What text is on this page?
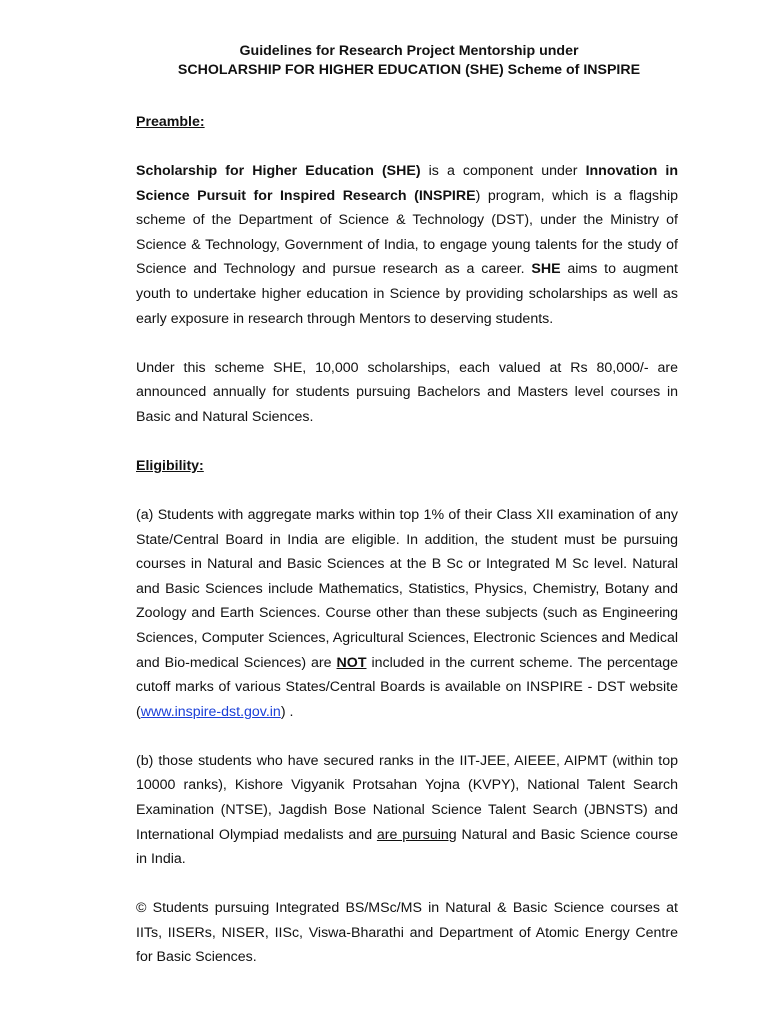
Guidelines for Research Project Mentorship under
SCHOLARSHIP FOR HIGHER EDUCATION (SHE) Scheme of INSPIRE
Preamble:

Scholarship for Higher Education (SHE) is a component under Innovation in Science Pursuit for Inspired Research (INSPIRE) program, which is a flagship scheme of the Department of Science & Technology (DST), under the Ministry of Science & Technology, Government of India, to engage young talents for the study of Science and Technology and pursue research as a career. SHE aims to augment youth to undertake higher education in Science by providing scholarships as well as early exposure in research through Mentors to deserving students.

Under this scheme SHE, 10,000 scholarships, each valued at Rs 80,000/- are announced annually for students pursuing Bachelors and Masters level courses in Basic and Natural Sciences.

Eligibility:

(a) Students with aggregate marks within top 1% of their Class XII examination of any State/Central Board in India are eligible. In addition, the student must be pursuing courses in Natural and Basic Sciences at the B Sc or Integrated M Sc level. Natural and Basic Sciences include Mathematics, Statistics, Physics, Chemistry, Botany and Zoology and Earth Sciences. Course other than these subjects (such as Engineering Sciences, Computer Sciences, Agricultural Sciences, Electronic Sciences and Medical and Bio-medical Sciences) are NOT included in the current scheme. The percentage cutoff marks of various States/Central Boards is available on INSPIRE - DST website (www.inspire-dst.gov.in) .

(b) those students who have secured ranks in the IIT-JEE, AIEEE, AIPMT (within top 10000 ranks), Kishore Vigyanik Protsahan Yojna (KVPY), National Talent Search Examination (NTSE), Jagdish Bose National Science Talent Search (JBNSTS) and International Olympiad medalists and are pursuing Natural and Basic Science course in India.

© Students pursuing Integrated BS/MSc/MS in Natural & Basic Science courses at IITs, IISERs, NISER, IISc, Viswa-Bharathi and Department of Atomic Energy Centre for Basic Sciences.
